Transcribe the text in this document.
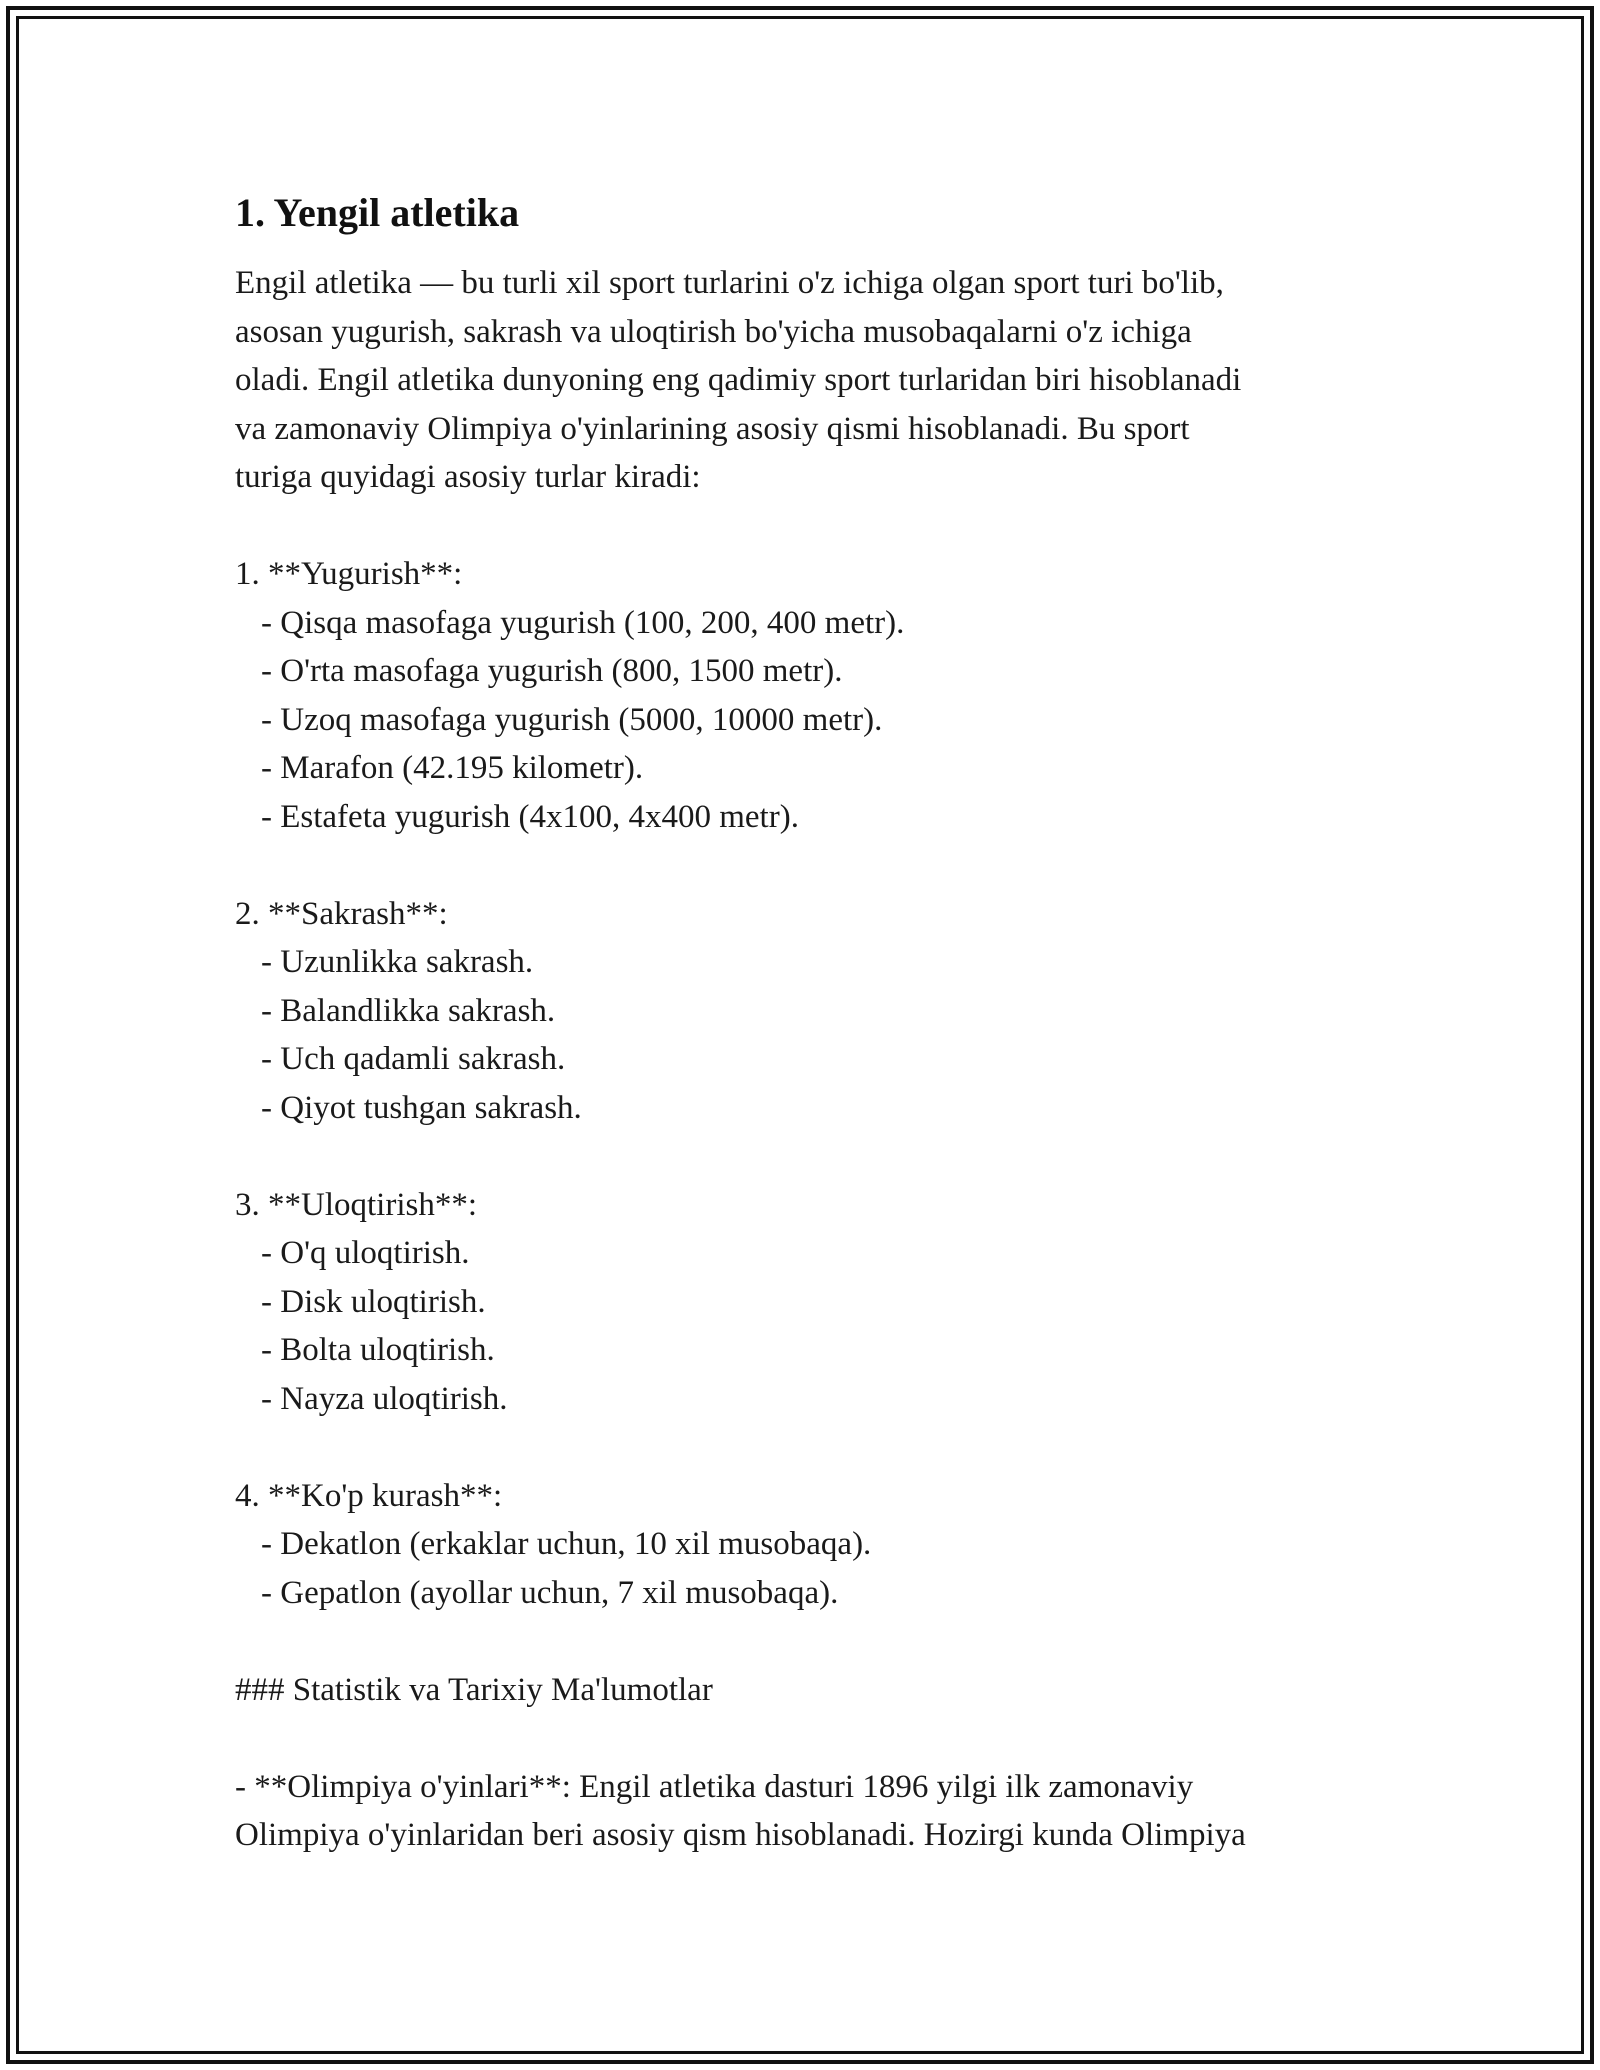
1. Yengil atletika
Engil atletika — bu turli xil sport turlarini o'z ichiga olgan sport turi bo'lib,
asosan yugurish, sakrash va uloqtirish bo'yicha musobaqalarni o'z ichiga
oladi. Engil atletika dunyoning eng qadimiy sport turlaridan biri hisoblanadi
va zamonaviy Olimpiya o'yinlarining asosiy qismi hisoblanadi. Bu sport
turiga quyidagi asosiy turlar kiradi:
1. **Yugurish**:
- Qisqa masofaga yugurish (100, 200, 400 metr).
- O'rta masofaga yugurish (800, 1500 metr).
- Uzoq masofaga yugurish (5000, 10000 metr).
- Marafon (42.195 kilometr).
- Estafeta yugurish (4x100, 4x400 metr).
2. **Sakrash**:
- Uzunlikka sakrash.
- Balandlikka sakrash.
- Uch qadamli sakrash.
- Qiyot tushgan sakrash.
3. **Uloqtirish**:
- O'q uloqtirish.
- Disk uloqtirish.
- Bolta uloqtirish.
- Nayza uloqtirish.
4. **Ko'p kurash**:
- Dekatlon (erkaklar uchun, 10 xil musobaqa).
- Gepatlon (ayollar uchun, 7 xil musobaqa).
### Statistik va Tarixiy Ma'lumotlar
- **Olimpiya o'yinlari**: Engil atletika dasturi 1896 yilgi ilk zamonaviy
Olimpiya o'yinlaridan beri asosiy qism hisoblanadi. Hozirgi kunda Olimpiya
